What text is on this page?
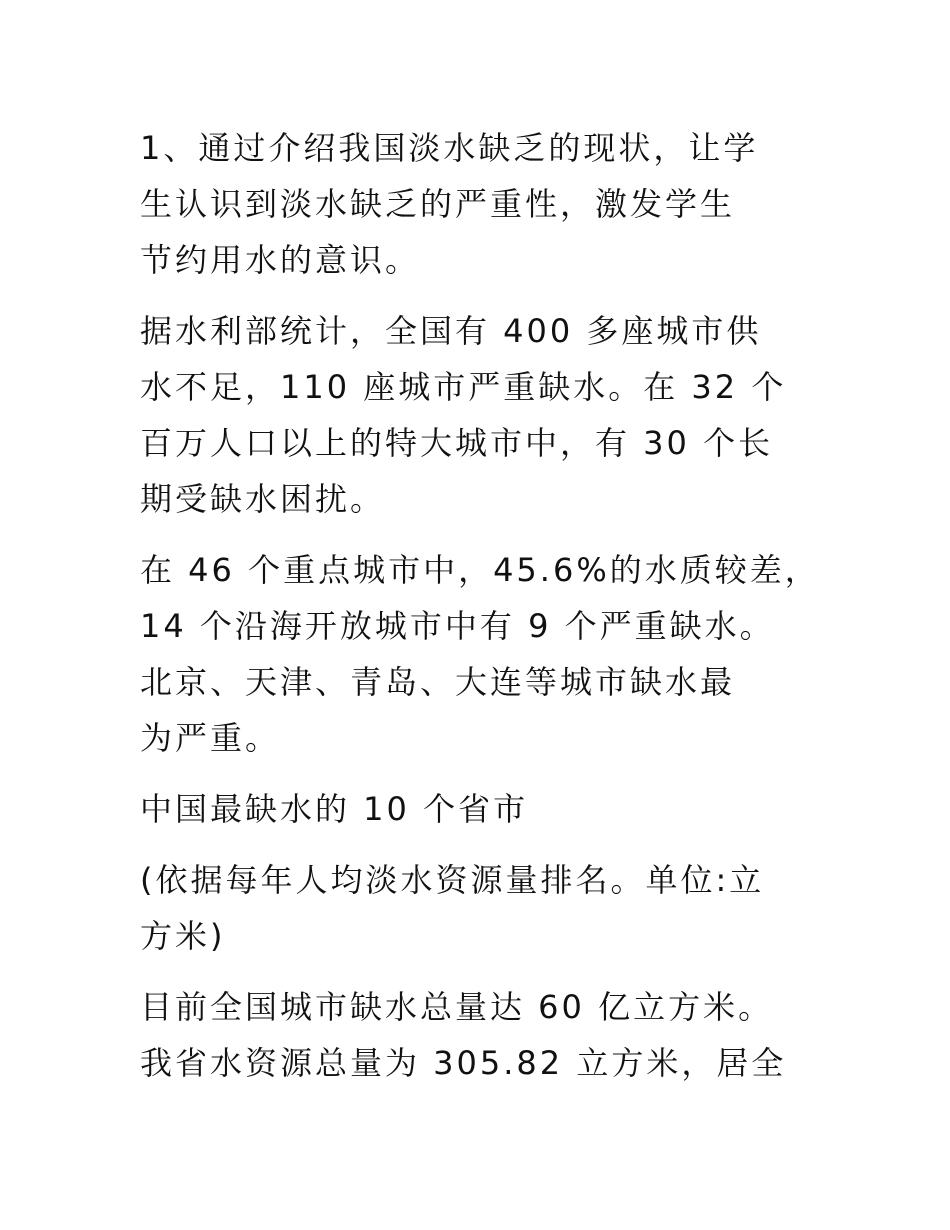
1、通过介绍我国淡水缺乏的现状，让学
生认识到淡水缺乏的严重性，激发学生
节约用水的意识。
据水利部统计，全国有 400 多座城市供
水不足，110 座城市严重缺水。在 32 个
百万人口以上的特大城市中，有 30 个长
期受缺水困扰。
在 46 个重点城市中，45.6%的水质较差，
14 个沿海开放城市中有 9 个严重缺水。
北京、天津、青岛、大连等城市缺水最
为严重。
中国最缺水的 10 个省市
(依据每年人均淡水资源量排名。单位:立
方米)
目前全国城市缺水总量达 60 亿立方米。
我省水资源总量为 305.82 立方米，居全
